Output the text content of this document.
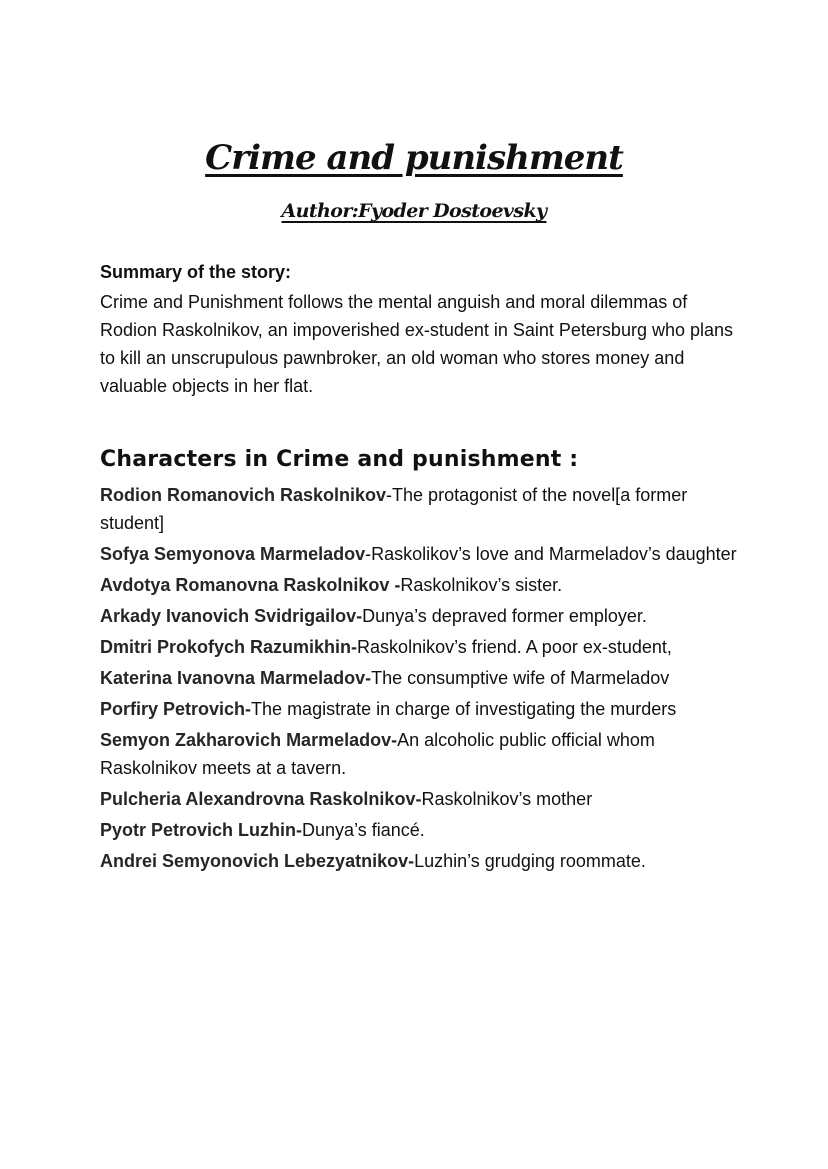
Crime and punishment
Author:Fyoder Dostoevsky
Summary of the story:
Crime and Punishment follows the mental anguish and moral dilemmas of Rodion Raskolnikov, an impoverished ex-student in Saint Petersburg who plans to kill an unscrupulous pawnbroker, an old woman who stores money and valuable objects in her flat.
Characters in Crime and punishment :
Rodion Romanovich Raskolnikov-The protagonist of the novel[a former student]
Sofya Semyonova Marmeladov-Raskolikov’s love and Marmeladov’s daughter
Avdotya Romanovna Raskolnikov -Raskolnikov’s sister.
Arkady Ivanovich Svidrigailov-Dunya’s depraved former employer.
Dmitri Prokofych Razumikhin-Raskolnikov’s friend. A poor ex-student,
Katerina Ivanovna Marmeladov-The consumptive wife of Marmeladov
Porfiry Petrovich-The magistrate in charge of investigating the murders
Semyon Zakharovich Marmeladov-An alcoholic public official whom Raskolnikov meets at a tavern.
Pulcheria Alexandrovna Raskolnikov-Raskolnikov’s mother
Pyotr Petrovich Luzhin-Dunya’s fiancé.
Andrei Semyonovich Lebezyatnikov-Luzhin’s grudging roommate.
